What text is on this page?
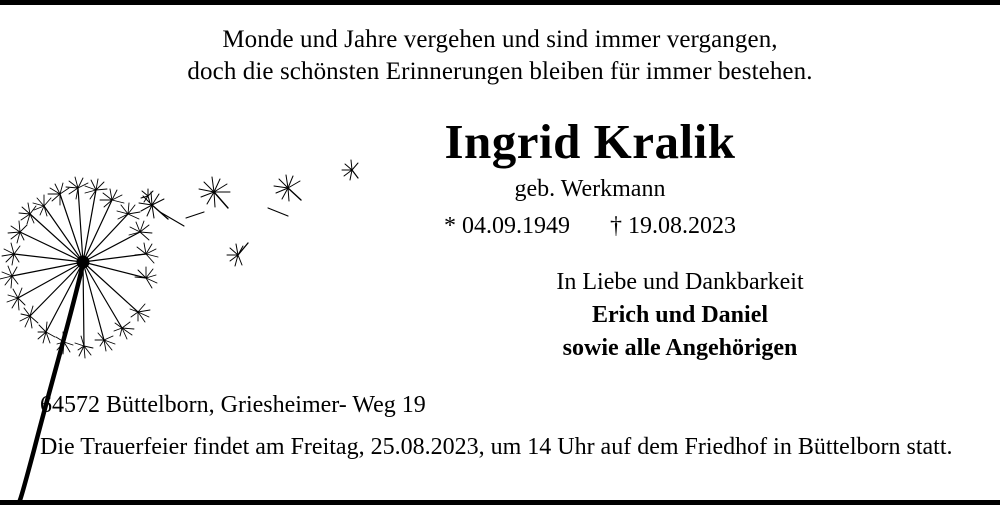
Monde und Jahre vergehen und sind immer vergangen,
doch die schönsten Erinnerungen bleiben für immer bestehen.
Ingrid Kralik
geb. Werkmann
* 04.09.1949 † 19.08.2023
In Liebe und Dankbarkeit
Erich und Daniel
sowie alle Angehörigen
64572 Büttelborn, Griesheimer- Weg 19
Die Trauerfeier findet am Freitag, 25.08.2023, um 14 Uhr auf dem Friedhof in Büttelborn statt.
